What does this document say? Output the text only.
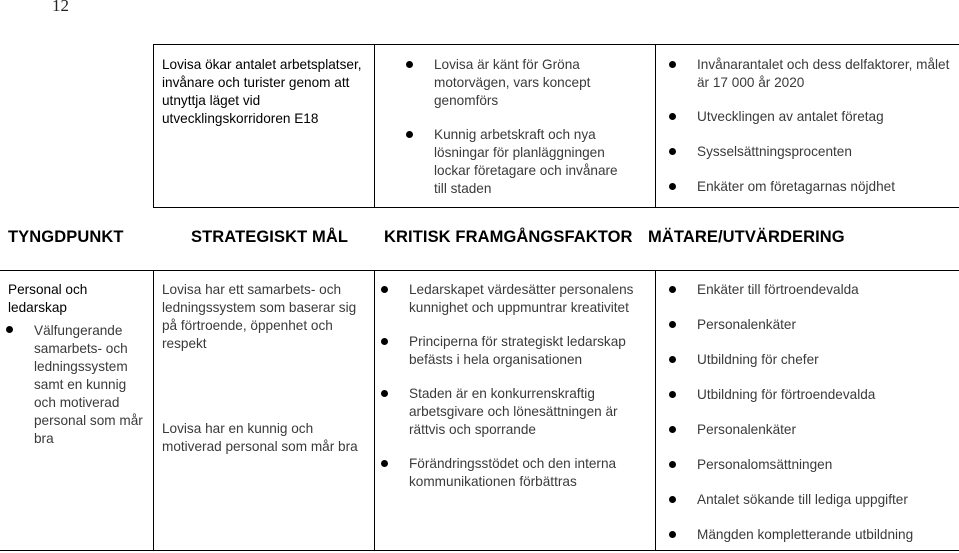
12
Lovisa ökar antalet arbetsplatser, invånare och turister genom att utnyttja läget vid utvecklingskorridoren E18
Lovisa är känt för Gröna motorvägen, vars koncept genomförs
Kunnig arbetskraft och nya lösningar för planläggningen lockar företagare och invånare till staden
Invånarantalet och dess delfaktorer, målet är 17 000 år 2020
Utvecklingen av antalet företag
Sysselsättningsprocenten
Enkäter om företagarnas nöjdhet
TYNGDPUNKT	STRATEGISKT MÅL KRITISK FRAMGÅNGSFAKTOR MÄTARE/UTVÄRDERING
Personal och ledarskap
Välfungerande samarbets- och ledningssystem samt en kunnig och motiverad personal som mår bra
Lovisa har ett samarbets- och ledningssystem som baserar sig på förtroende, öppenhet och respekt
Lovisa har en kunnig och motiverad personal som mår bra
Ledarskapet värdesätter personalens kunnighet och uppmuntrar kreativitet
Principerna för strategiskt ledarskap befästs i hela organisationen
Staden är en konkurrenskraftig arbetsgivare och lönesättningen är rättvis och sporrande
Förändringsstödet och den interna kommunikationen förbättras
Enkäter till förtroendevalda
Personalenkäter
Utbildning för chefer
Utbildning för förtroendevalda
Personalenkäter
Personalomsättningen
Antalet sökande till lediga uppgifter
Mängden kompletterande utbildning
